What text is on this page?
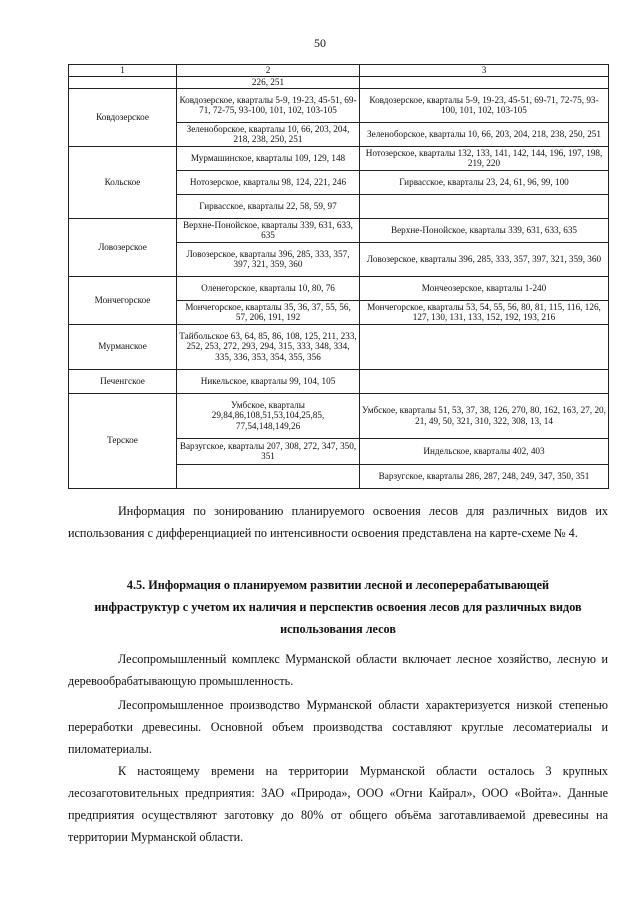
50
1	2	3
	226, 251	
Ковдозерское	Ковдозерское, кварталы 5-9, 19-23, 45-51, 69-71, 72-75, 93-100, 101, 102, 103-105	Ковдозерское, кварталы 5-9, 19-23, 45-51, 69-71, 72-75, 93-100, 101, 102, 103-105
	Зеленоборское, кварталы 10, 66, 203, 204, 218, 238, 250, 251	Зеленоборское, кварталы 10, 66, 203, 204, 218, 238, 250, 251
Кольское	Мурмашинское, кварталы 109, 129, 148	Нотозерское, кварталы 132, 133, 141, 142, 144, 196, 197, 198, 219, 220
	Нотозерское, кварталы 98, 124, 221, 246	Гирвасское, кварталы 23, 24, 61, 96, 99, 100
	Гирвасское, кварталы 22, 58, 59, 97	
Ловозерское	Верхне-Понойское, кварталы 339, 631, 633, 635	Верхне-Понойское, кварталы 339, 631, 633, 635
	Ловозерское, кварталы 396, 285, 333, 357, 397, 321, 359, 360	Ловозерское, кварталы 396, 285, 333, 357, 397, 321, 359, 360
Мончегорское	Оленегорское, кварталы 10, 80, 76	Мончеозерское, кварталы 1-240
	Мончегорское, кварталы 35, 36, 37, 55, 56, 57, 206, 191, 192	Мончегорское, кварталы 53, 54, 55, 56, 80, 81, 115, 116, 126, 127, 130, 131, 133, 152, 192, 193, 216
Мурманское	Тайбольское 63, 64, 85, 86, 108, 125, 211, 233, 252, 253, 272, 293, 294, 315, 333, 348, 334, 335, 336, 353, 354, 355, 356	
Печенгское	Никельское, кварталы 99, 104, 105	
Терское	Умбское, кварталы 29,84,86,108,51,53,104,25,85, 77,54,148,149,26	Умбское, кварталы 51, 53, 37, 38, 126, 270, 80, 162, 163, 27, 20, 21, 49, 50, 321, 310, 322, 308, 13, 14
	Варзугское, кварталы 207, 308, 272, 347, 350, 351	Индельское, кварталы 402, 403
		Варзугское, кварталы 286, 287, 248, 249, 347, 350, 351

Информация по зонированию планируемого освоения лесов для различных видов их использования с дифференциацией по интенсивности освоения представлена на карте-схеме № 4.

4.5. Информация о планируемом развитии лесной и лесоперерабатывающей

инфраструктур с учетом их наличия и перспектив освоения лесов для различных видов

использования лесов

Лесопромышленный комплекс Мурманской области включает лесное хозяйство, лесную и деревообрабатывающую промышленность.

Лесопромышленное производство Мурманской области характеризуется низкой степенью переработки древесины. Основной объем производства составляют круглые лесоматериалы и пиломатериалы.

К настоящему времени на территории Мурманской области осталось 3 крупных лесозаготовительных предприятия: ЗАО «Природа», ООО «Огни Кайрал», ООО «Войта». Данные предприятия осуществляют заготовку до 80% от общего объёма заготавливаемой древесины на территории Мурманской области.
